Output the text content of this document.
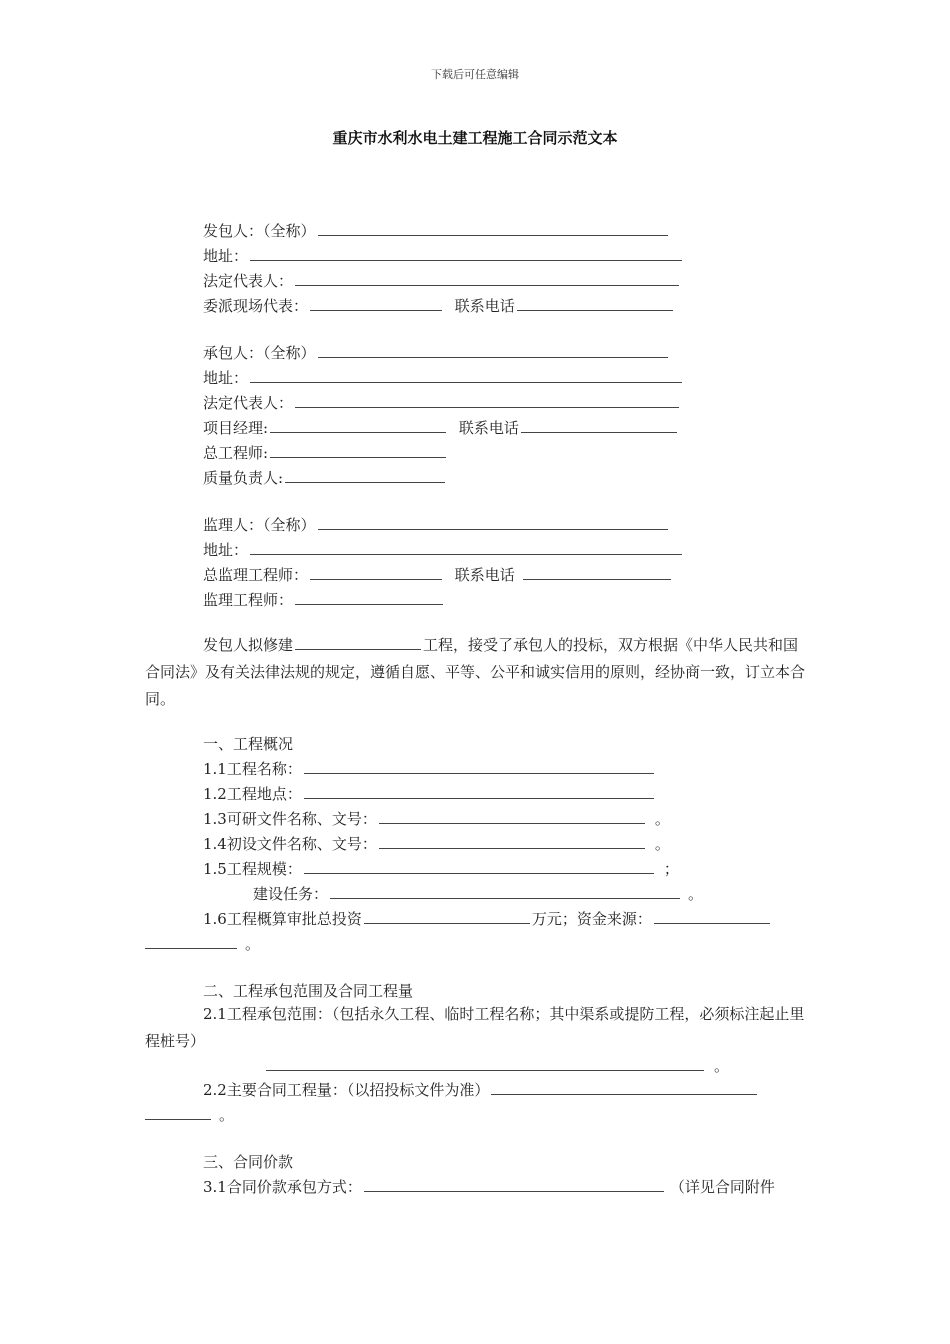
下载后可任意编辑
重庆市水利水电土建工程施工合同示范文本
发包人：（全称）
地址：
法定代表人：
委派现场代表：	联系电话
承包人：（全称）
地址：
法定代表人：
项目经理:	联系电话
总工程师:
质量负责人:
监理人：（全称）
地址：
总监理工程师：	联系电话
监理工程师：
发包人拟修建	工程，接受了承包人的投标，双方根据《中华人民共和国合同法》及有关法律法规的规定，遵循自愿、平等、公平和诚实信用的原则，经协商一致，订立本合同。
一、工程概况
1.1工程名称：
1.2工程地点：
1.3可研文件名称、文号：	。
1.4初设文件名称、文号：	。
1.5工程规模：	；
建设任务：	。
1.6工程概算审批总投资	万元；资金来源：
。
二、工程承包范围及合同工程量
2.1工程承包范围：（包括永久工程、临时工程名称；其中渠系或提防工程，必须标注起止里程桩号）
。
2.2主要合同工程量：（以招投标文件为准）
。
三、合同价款
3.1合同价款承包方式：	（详见合同附件
